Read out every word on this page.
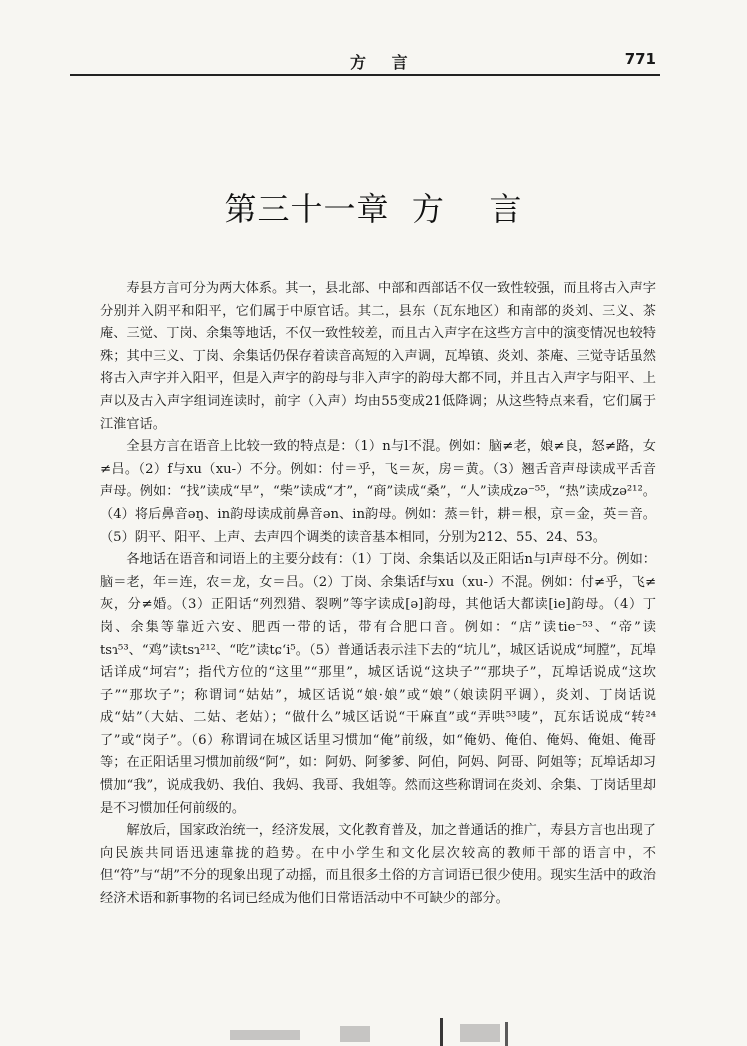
方 言	771
第三十一章  方    言

寿县方言可分为两大体系。其一，县北部、中部和西部话不仅一致性较强，而且将古入声字分别并入阴平和阳平，它们属于中原官话。其二，县东（瓦东地区）和南部的炎刘、三义、茶庵、三觉、丁岗、余集等地话，不仅一致性较差，而且古入声字在这些方言中的演变情况也较特殊；其中三义、丁岗、余集话仍保存着读音高短的入声调，瓦埠镇、炎刘、茶庵、三觉寺话虽然将古入声字并入阳平，但是入声字的韵母与非入声字的韵母大都不同，并且古入声字与阳平、上声以及古入声字组词连读时，前字（入声）均由55变成21低降调；从这些特点来看，它们属于江淮官话。

全县方言在语音上比较一致的特点是：（1）n与l不混。例如：脑≠老，娘≠良，怒≠路，女≠吕。（2）f与xu（xu-）不分。例如：付＝乎，飞＝灰，房＝黄。（3）翘舌音声母读成平舌音声母。例如：“找”读成“早”，“柴”读成“才”，“商”读成“桑”，“人”读成zə⁻⁵⁵，“热”读成zə²¹²。（4）将后鼻音əŋ、in韵母读成前鼻音ən、in韵母。例如：蒸＝针，耕＝根，京＝金，英＝音。（5）阴平、阳平、上声、去声四个调类的读音基本相同，分别为212、55、24、53。

各地话在语音和词语上的主要分歧有：（1）丁岗、余集话以及正阳话n与l声母不分。例如：脑＝老，年＝连，农＝龙，女＝吕。（2）丁岗、余集话f与xu（xu-）不混。例如：付≠乎，飞≠灰，分≠婚。（3）正阳话“列烈猎、裂咧”等字读成[ə]韵母，其他话大都读[ie]韵母。（4）丁岗、余集等靠近六安、肥西一带的话，带有合肥口音。例如：“店”读tie⁻⁵³、“帝”读tsɿ⁵³、“鸡”读tsɿ²¹²、“吃”读tɕʻi⁵。（5）普通话表示洼下去的“坑儿”，城区话说成“坷膛”，瓦埠话详成“坷宕”；指代方位的“这里”“那里”，城区话说“这块子”“那块子”，瓦埠话说成“这坎子”“那坎子”；称谓词“姑姑”，城区话说“娘·娘”或“娘”（娘读阴平调），炎刘、丁岗话说成“姑”（大姑、二姑、老姑）；“做什么”城区话说“干麻直”或“弄哄⁵³唛”，瓦东话说成“转²⁴了”或“岗子”。（6）称谓词在城区话里习惯加“俺”前级，如“俺奶、俺伯、俺妈、俺姐、俺哥等；在正阳话里习惯加前级“阿”，如：阿奶、阿爹爹、阿伯，阿妈、阿哥、阿姐等；瓦埠话却习惯加“我”，说成我奶、我伯、我妈、我哥、我姐等。然而这些称谓词在炎刘、余集、丁岗话里却是不习惯加任何前级的。

解放后，国家政治统一，经济发展，文化教育普及，加之普通话的推广，寿县方言也出现了向民族共同语迅速靠拢的趋势。在中小学生和文化层次较高的教师干部的语言中，不但“符”与“胡”不分的现象出现了动摇，而且很多土俗的方言词语已很少使用。现实生活中的政治经济术语和新事物的名词已经成为他们日常语活动中不可缺少的部分。
